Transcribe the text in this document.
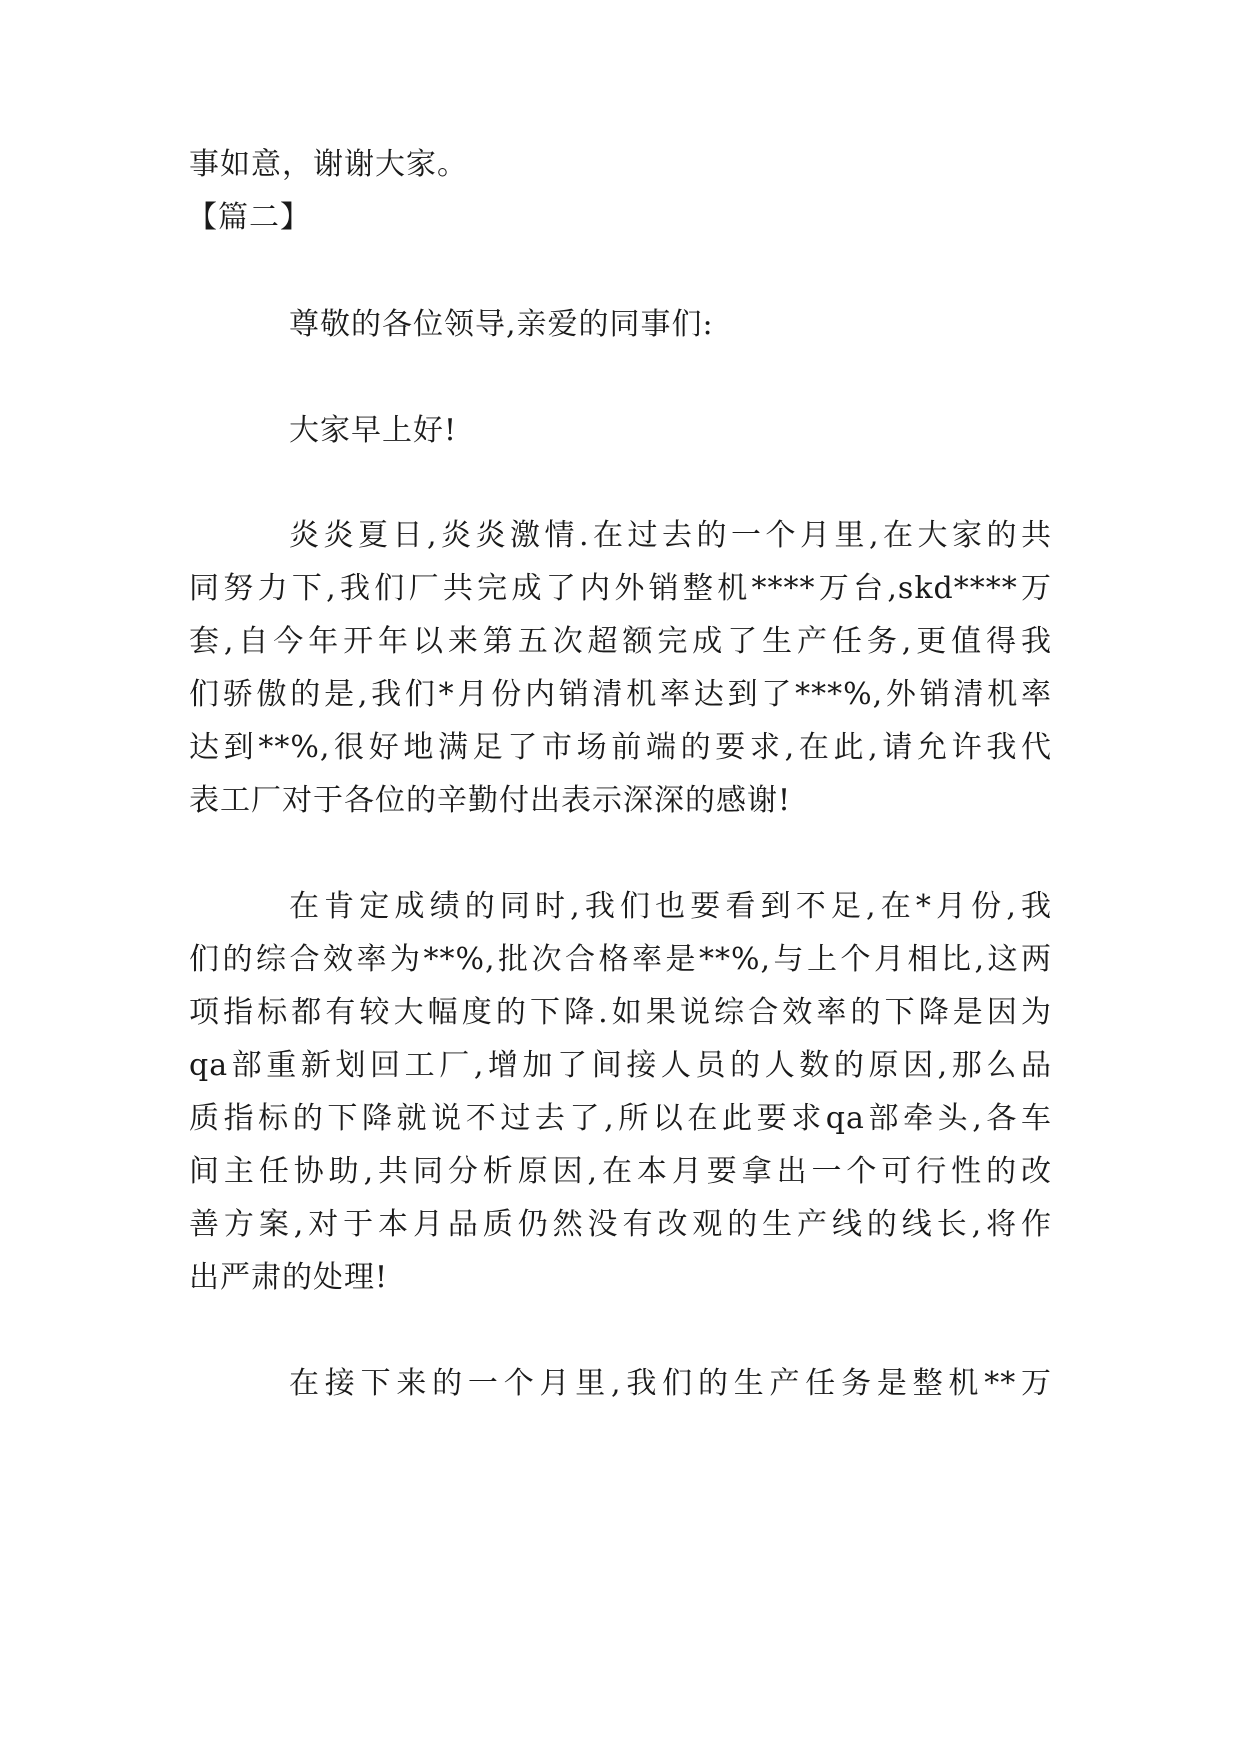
事如意，谢谢大家。
【篇二】
尊敬的各位领导,亲爱的同事们:
大家早上好!
炎炎夏日,炎炎激情.在过去的一个月里,在大家的共
同努力下,我们厂共完成了内外销整机****万台,skd****万
套,自今年开年以来第五次超额完成了生产任务,更值得我
们骄傲的是,我们*月份内销清机率达到了***%,外销清机率
达到**%,很好地满足了市场前端的要求,在此,请允许我代
表工厂对于各位的辛勤付出表示深深的感谢!
在肯定成绩的同时,我们也要看到不足,在*月份,我
们的综合效率为**%,批次合格率是**%,与上个月相比,这两
项指标都有较大幅度的下降.如果说综合效率的下降是因为
qa部重新划回工厂,增加了间接人员的人数的原因,那么品
质指标的下降就说不过去了,所以在此要求qa部牵头,各车
间主任协助,共同分析原因,在本月要拿出一个可行性的改
善方案,对于本月品质仍然没有改观的生产线的线长,将作
出严肃的处理!
在接下来的一个月里,我们的生产任务是整机**万
